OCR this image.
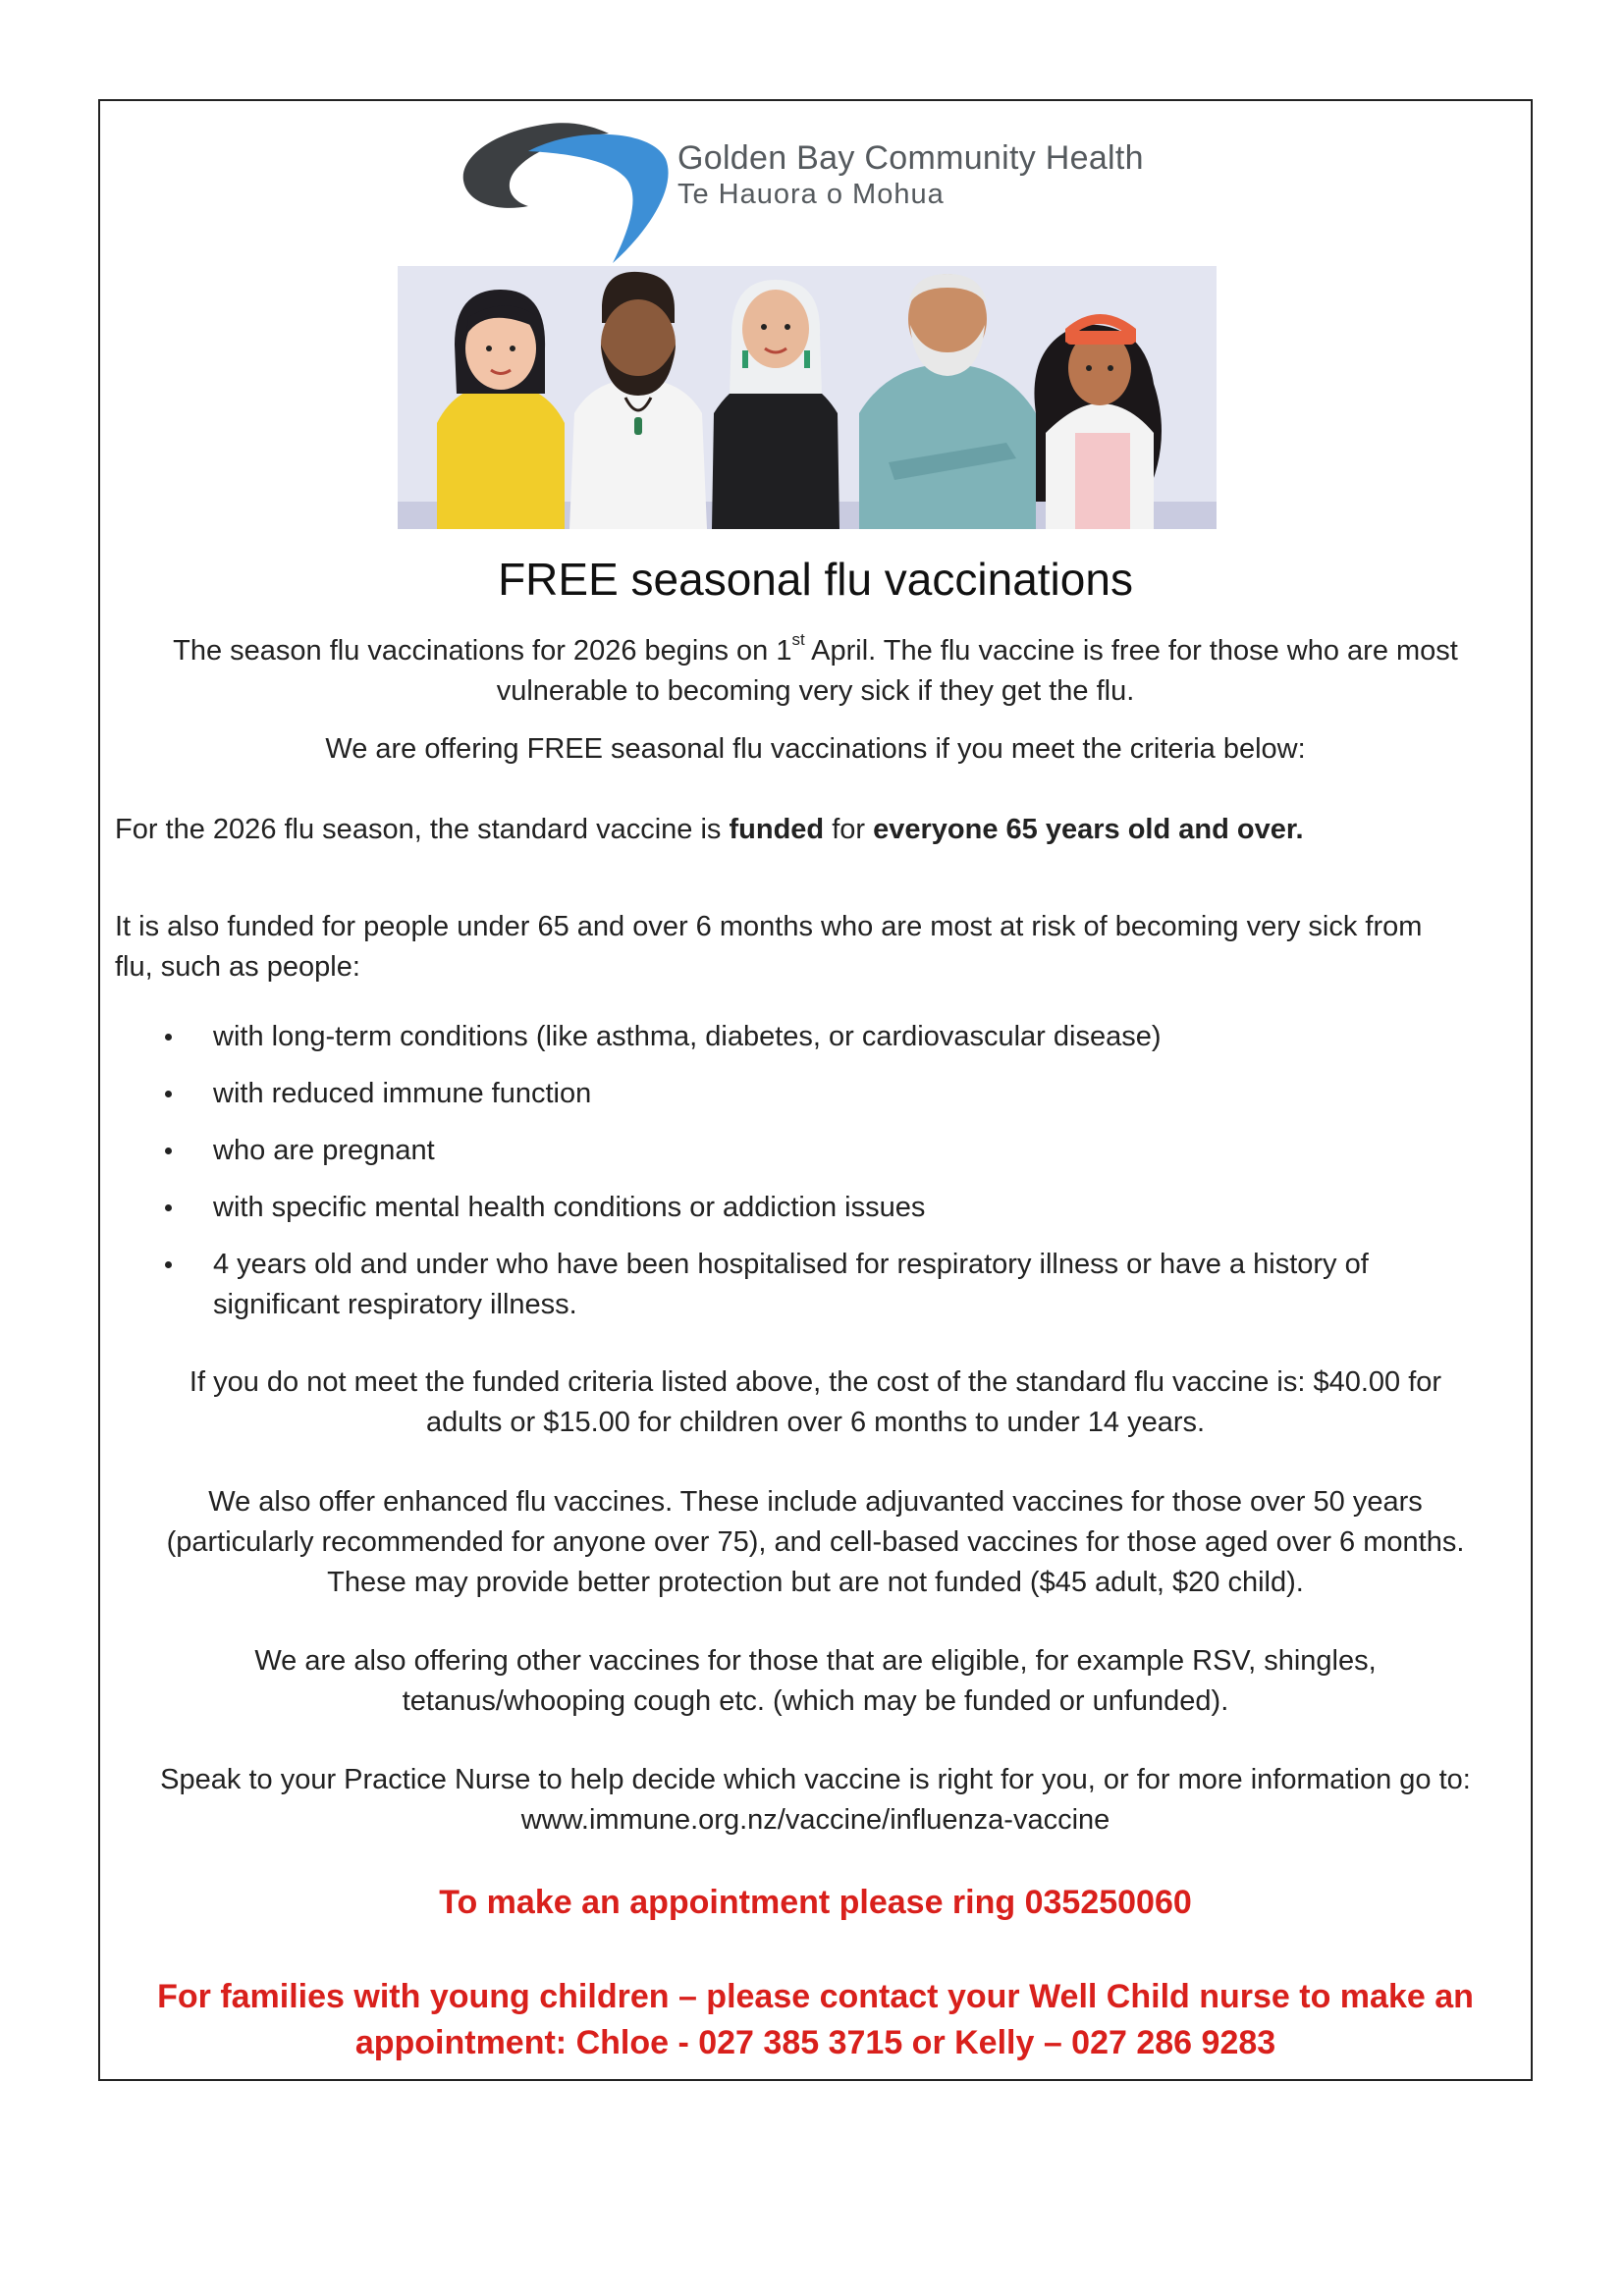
Golden Bay Community Health
Te Hauora o Mohua
FREE seasonal flu vaccinations
The season flu vaccinations for 2026 begins on 1st April. The flu vaccine is free for those who are most
vulnerable to becoming very sick if they get the flu.
We are offering FREE seasonal flu vaccinations if you meet the criteria below:
For the 2026 flu season, the standard vaccine is funded for everyone 65 years old and over.
It is also funded for people under 65 and over 6 months who are most at risk of becoming very sick from
flu, such as people:
with long-term conditions (like asthma, diabetes, or cardiovascular disease)
with reduced immune function
who are pregnant
with specific mental health conditions or addiction issues
4 years old and under who have been hospitalised for respiratory illness or have a history of
significant respiratory illness.
If you do not meet the funded criteria listed above, the cost of the standard flu vaccine is: $40.00 for
adults or $15.00 for children over 6 months to under 14 years.
We also offer enhanced flu vaccines. These include adjuvanted vaccines for those over 50 years
(particularly recommended for anyone over 75), and cell-based vaccines for those aged over 6 months.
These may provide better protection but are not funded ($45 adult, $20 child).
We are also offering other vaccines for those that are eligible, for example RSV, shingles,
tetanus/whooping cough etc. (which may be funded or unfunded).
Speak to your Practice Nurse to help decide which vaccine is right for you, or for more information go to:
www.immune.org.nz/vaccine/influenza-vaccine
To make an appointment please ring 035250060
For families with young children – please contact your Well Child nurse to make an
appointment: Chloe - 027 385 3715 or Kelly – 027 286 9283
